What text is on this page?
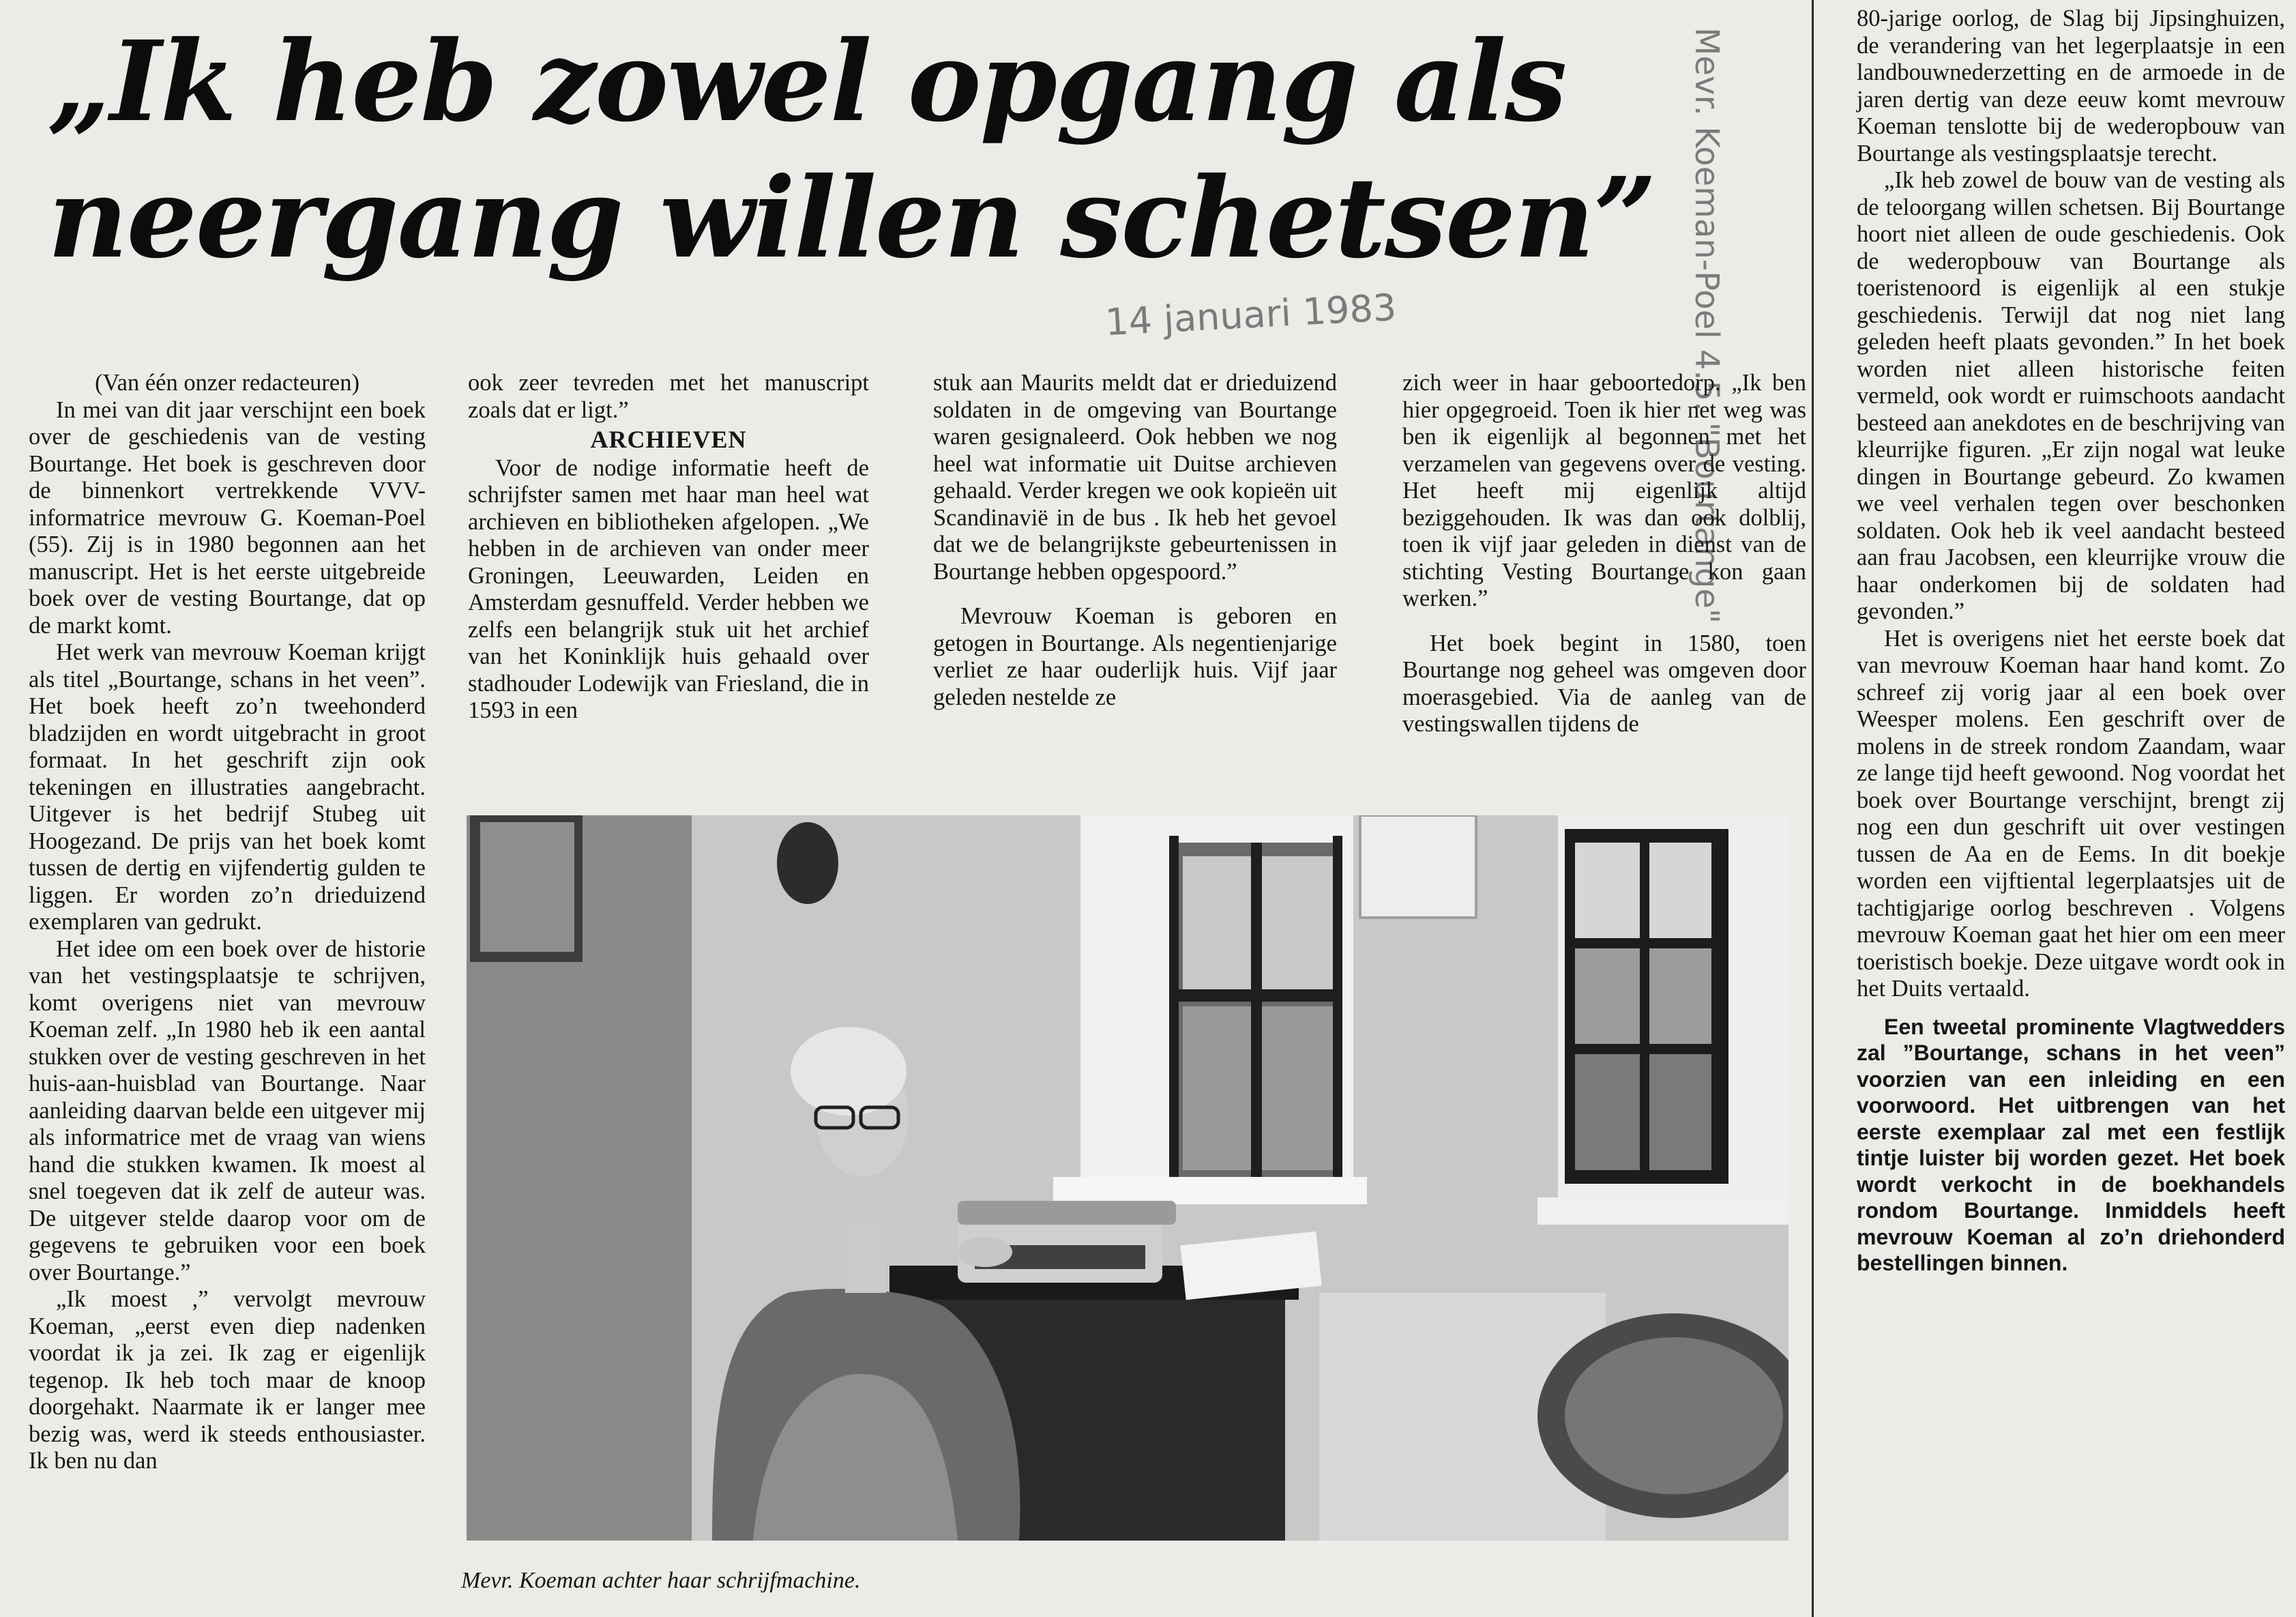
„Ik heb zowel opgang als neergang willen schetsen”
14 januari 1983	Mevr. Koeman-Poel 4.5. "Bourtange"

(Van één onzer redacteuren)

In mei van dit jaar verschijnt een boek over de geschiedenis van de vesting Bourtange. Het boek is geschreven door de binnenkort vertrekkende VVV-informatrice mevrouw G. Koeman-Poel (55). Zij is in 1980 begonnen aan het manuscript. Het is het eerste uitgebreide boek over de vesting Bourtange, dat op de markt komt.

Het werk van mevrouw Koeman krijgt als titel „Bourtange, schans in het veen”. Het boek heeft zo’n tweehonderd bladzijden en wordt uitgebracht in groot formaat. In het geschrift zijn ook tekeningen en illustraties aangebracht. Uitgever is het bedrijf Stubeg uit Hoogezand. De prijs van het boek komt tussen de dertig en vijfendertig gulden te liggen. Er worden zo’n drieduizend exemplaren van gedrukt.

Het idee om een boek over de historie van het vestingsplaatsje te schrijven, komt overigens niet van mevrouw Koeman zelf. „In 1980 heb ik een aantal stukken over de vesting geschreven in het huis-aan-huisblad van Bourtange. Naar aanleiding daarvan belde een uitgever mij als informatrice met de vraag van wiens hand die stukken kwamen. Ik moest al snel toegeven dat ik zelf de auteur was. De uitgever stelde daarop voor om de gegevens te gebruiken voor een boek over Bourtange.”

„Ik moest ,” vervolgt mevrouw Koeman, „eerst even diep nadenken voordat ik ja zei. Ik zag er eigenlijk tegenop. Ik heb toch maar de knoop doorgehakt. Naarmate ik er langer mee bezig was, werd ik steeds enthousiaster. Ik ben nu dan

ook zeer tevreden met het manuscript zoals dat er ligt.”

ARCHIEVEN

Voor de nodige informatie heeft de schrijfster samen met haar man heel wat archieven en bibliotheken afgelopen. „We hebben in de archieven van onder meer Groningen, Leeuwarden, Leiden en Amsterdam gesnuffeld. Verder hebben we zelfs een belangrijk stuk uit het archief van het Koninklijk huis gehaald over stadhouder Lodewijk van Friesland, die in 1593 in een

stuk aan Maurits meldt dat er drieduizend soldaten in de omgeving van Bourtange waren gesignaleerd. Ook hebben we nog heel wat informatie uit Duitse archieven gehaald. Verder kregen we ook kopieën uit Scandinavië in de bus . Ik heb het gevoel dat we de belangrijkste gebeurtenissen in Bourtange hebben opgespoord.”

Mevrouw Koeman is geboren en getogen in Bourtange. Als negentienjarige verliet ze haar ouderlijk huis. Vijf jaar geleden nestelde ze

zich weer in haar geboortedorp. „Ik ben hier opgegroeid. Toen ik hier net weg was ben ik eigenlijk al begonnen met het verzamelen van gegevens over de vesting. Het heeft mij eigenlijk altijd beziggehouden. Ik was dan ook dolblij, toen ik vijf jaar geleden in dienst van de stichting Vesting Bourtange kon gaan werken.”

Het boek begint in 1580, toen Bourtange nog geheel was omgeven door moerasgebied. Via de aanleg van de vestingswallen tijdens de

80-jarige oorlog, de Slag bij Jipsinghuizen, de verandering van het legerplaatsje in een landbouwnederzetting en de armoede in de jaren dertig van deze eeuw komt mevrouw Koeman tenslotte bij de wederopbouw van Bourtange als vestingsplaatsje terecht.

„Ik heb zowel de bouw van de vesting als de teloorgang willen schetsen. Bij Bourtange hoort niet alleen de oude geschiedenis. Ook de wederopbouw van Bourtange als toeristenoord is eigenlijk al een stukje geschiedenis. Terwijl dat nog niet lang geleden heeft plaats gevonden.” In het boek worden niet alleen historische feiten vermeld, ook wordt er ruimschoots aandacht besteed aan anekdotes en de beschrijving van kleurrijke figuren. „Er zijn nogal wat leuke dingen in Bourtange gebeurd. Zo kwamen we veel verhalen tegen over beschonken soldaten. Ook heb ik veel aandacht besteed aan frau Jacobsen, een kleurrijke vrouw die haar onderkomen bij de soldaten had gevonden.”

Het is overigens niet het eerste boek dat van mevrouw Koeman haar hand komt. Zo schreef zij vorig jaar al een boek over Weesper molens. Een geschrift over de molens in de streek rondom Zaandam, waar ze lange tijd heeft gewoond. Nog voordat het boek over Bourtange verschijnt, brengt zij nog een dun geschrift uit over vestingen tussen de Aa en de Eems. In dit boekje worden een vijftiental legerplaatsjes uit de tachtigjarige oorlog beschreven . Volgens mevrouw Koeman gaat het hier om een meer toeristisch boekje. Deze uitgave wordt ook in het Duits vertaald.

Een tweetal prominente Vlagtwedders zal ”Bourtange, schans in het veen” voorzien van een inleiding en een voorwoord. Het uitbrengen van het eerste exemplaar zal met een festlijk tintje luister bij worden gezet. Het boek wordt verkocht in de boekhandels rondom Bourtange. Inmiddels heeft mevrouw Koeman al zo’n driehonderd bestellingen binnen.

Mevr. Koeman achter haar schrijfmachine.
